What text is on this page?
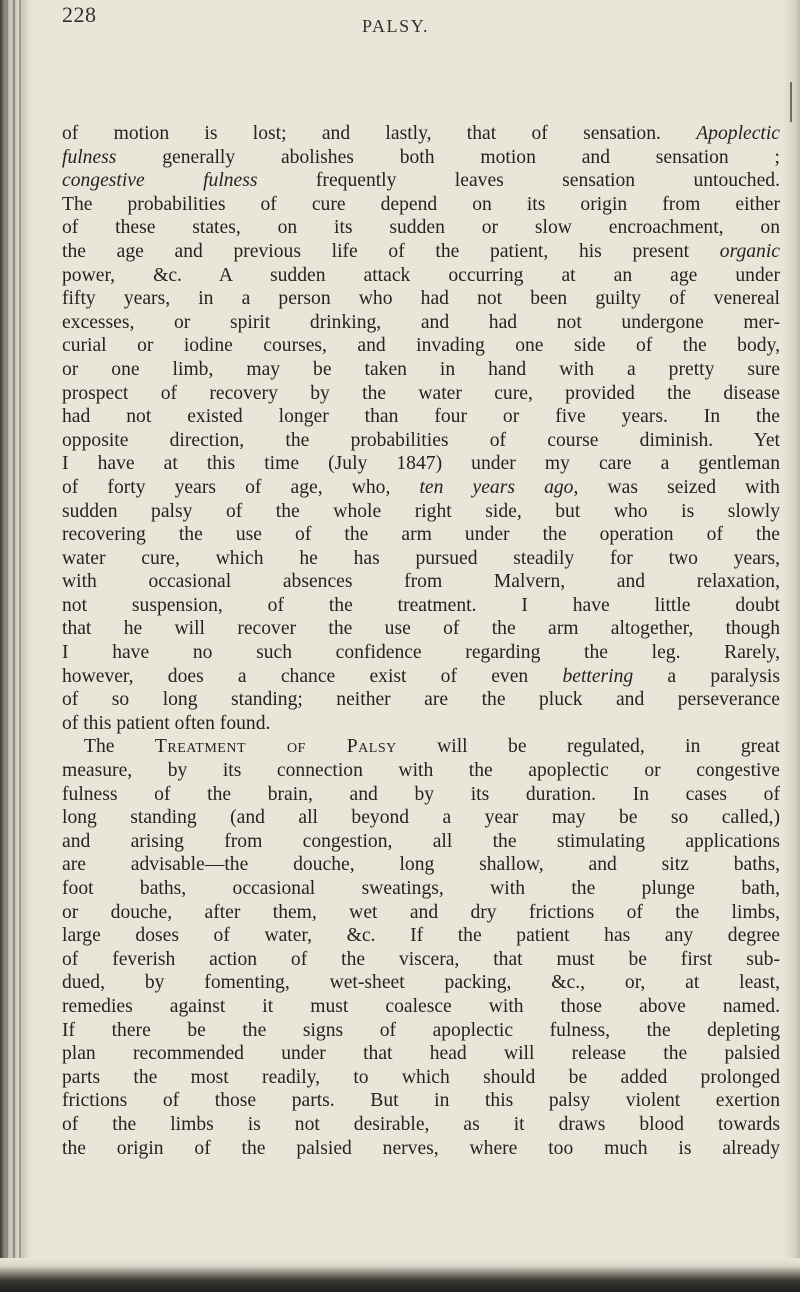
228	PALSY.
of motion is lost; and lastly, that of sensation. Apoplectic
fulness generally abolishes both motion and sensation ;
congestive fulness frequently leaves sensation untouched.
The probabilities of cure depend on its origin from either
of these states, on its sudden or slow encroachment, on
the age and previous life of the patient, his present organic
power, &c. A sudden attack occurring at an age under
fifty years, in a person who had not been guilty of venereal
excesses, or spirit drinking, and had not undergone mer-
curial or iodine courses, and invading one side of the body,
or one limb, may be taken in hand with a pretty sure
prospect of recovery by the water cure, provided the disease
had not existed longer than four or five years. In the
opposite direction, the probabilities of course diminish. Yet
I have at this time (July 1847) under my care a gentleman
of forty years of age, who, ten years ago, was seized with
sudden palsy of the whole right side, but who is slowly
recovering the use of the arm under the operation of the
water cure, which he has pursued steadily for two years,
with occasional absences from Malvern, and relaxation,
not suspension, of the treatment. I have little doubt
that he will recover the use of the arm altogether, though
I have no such confidence regarding the leg. Rarely,
however, does a chance exist of even bettering a paralysis
of so long standing; neither are the pluck and perseverance
of this patient often found.
The Treatment of Palsy will be regulated, in great
measure, by its connection with the apoplectic or congestive
fulness of the brain, and by its duration. In cases of
long standing (and all beyond a year may be so called,)
and arising from congestion, all the stimulating applications
are advisable—the douche, long shallow, and sitz baths,
foot baths, occasional sweatings, with the plunge bath,
or douche, after them, wet and dry frictions of the limbs,
large doses of water, &c. If the patient has any degree
of feverish action of the viscera, that must be first sub-
dued, by fomenting, wet-sheet packing, &c., or, at least,
remedies against it must coalesce with those above named.
If there be the signs of apoplectic fulness, the depleting
plan recommended under that head will release the palsied
parts the most readily, to which should be added prolonged
frictions of those parts. But in this palsy violent exertion
of the limbs is not desirable, as it draws blood towards
the origin of the palsied nerves, where too much is already
